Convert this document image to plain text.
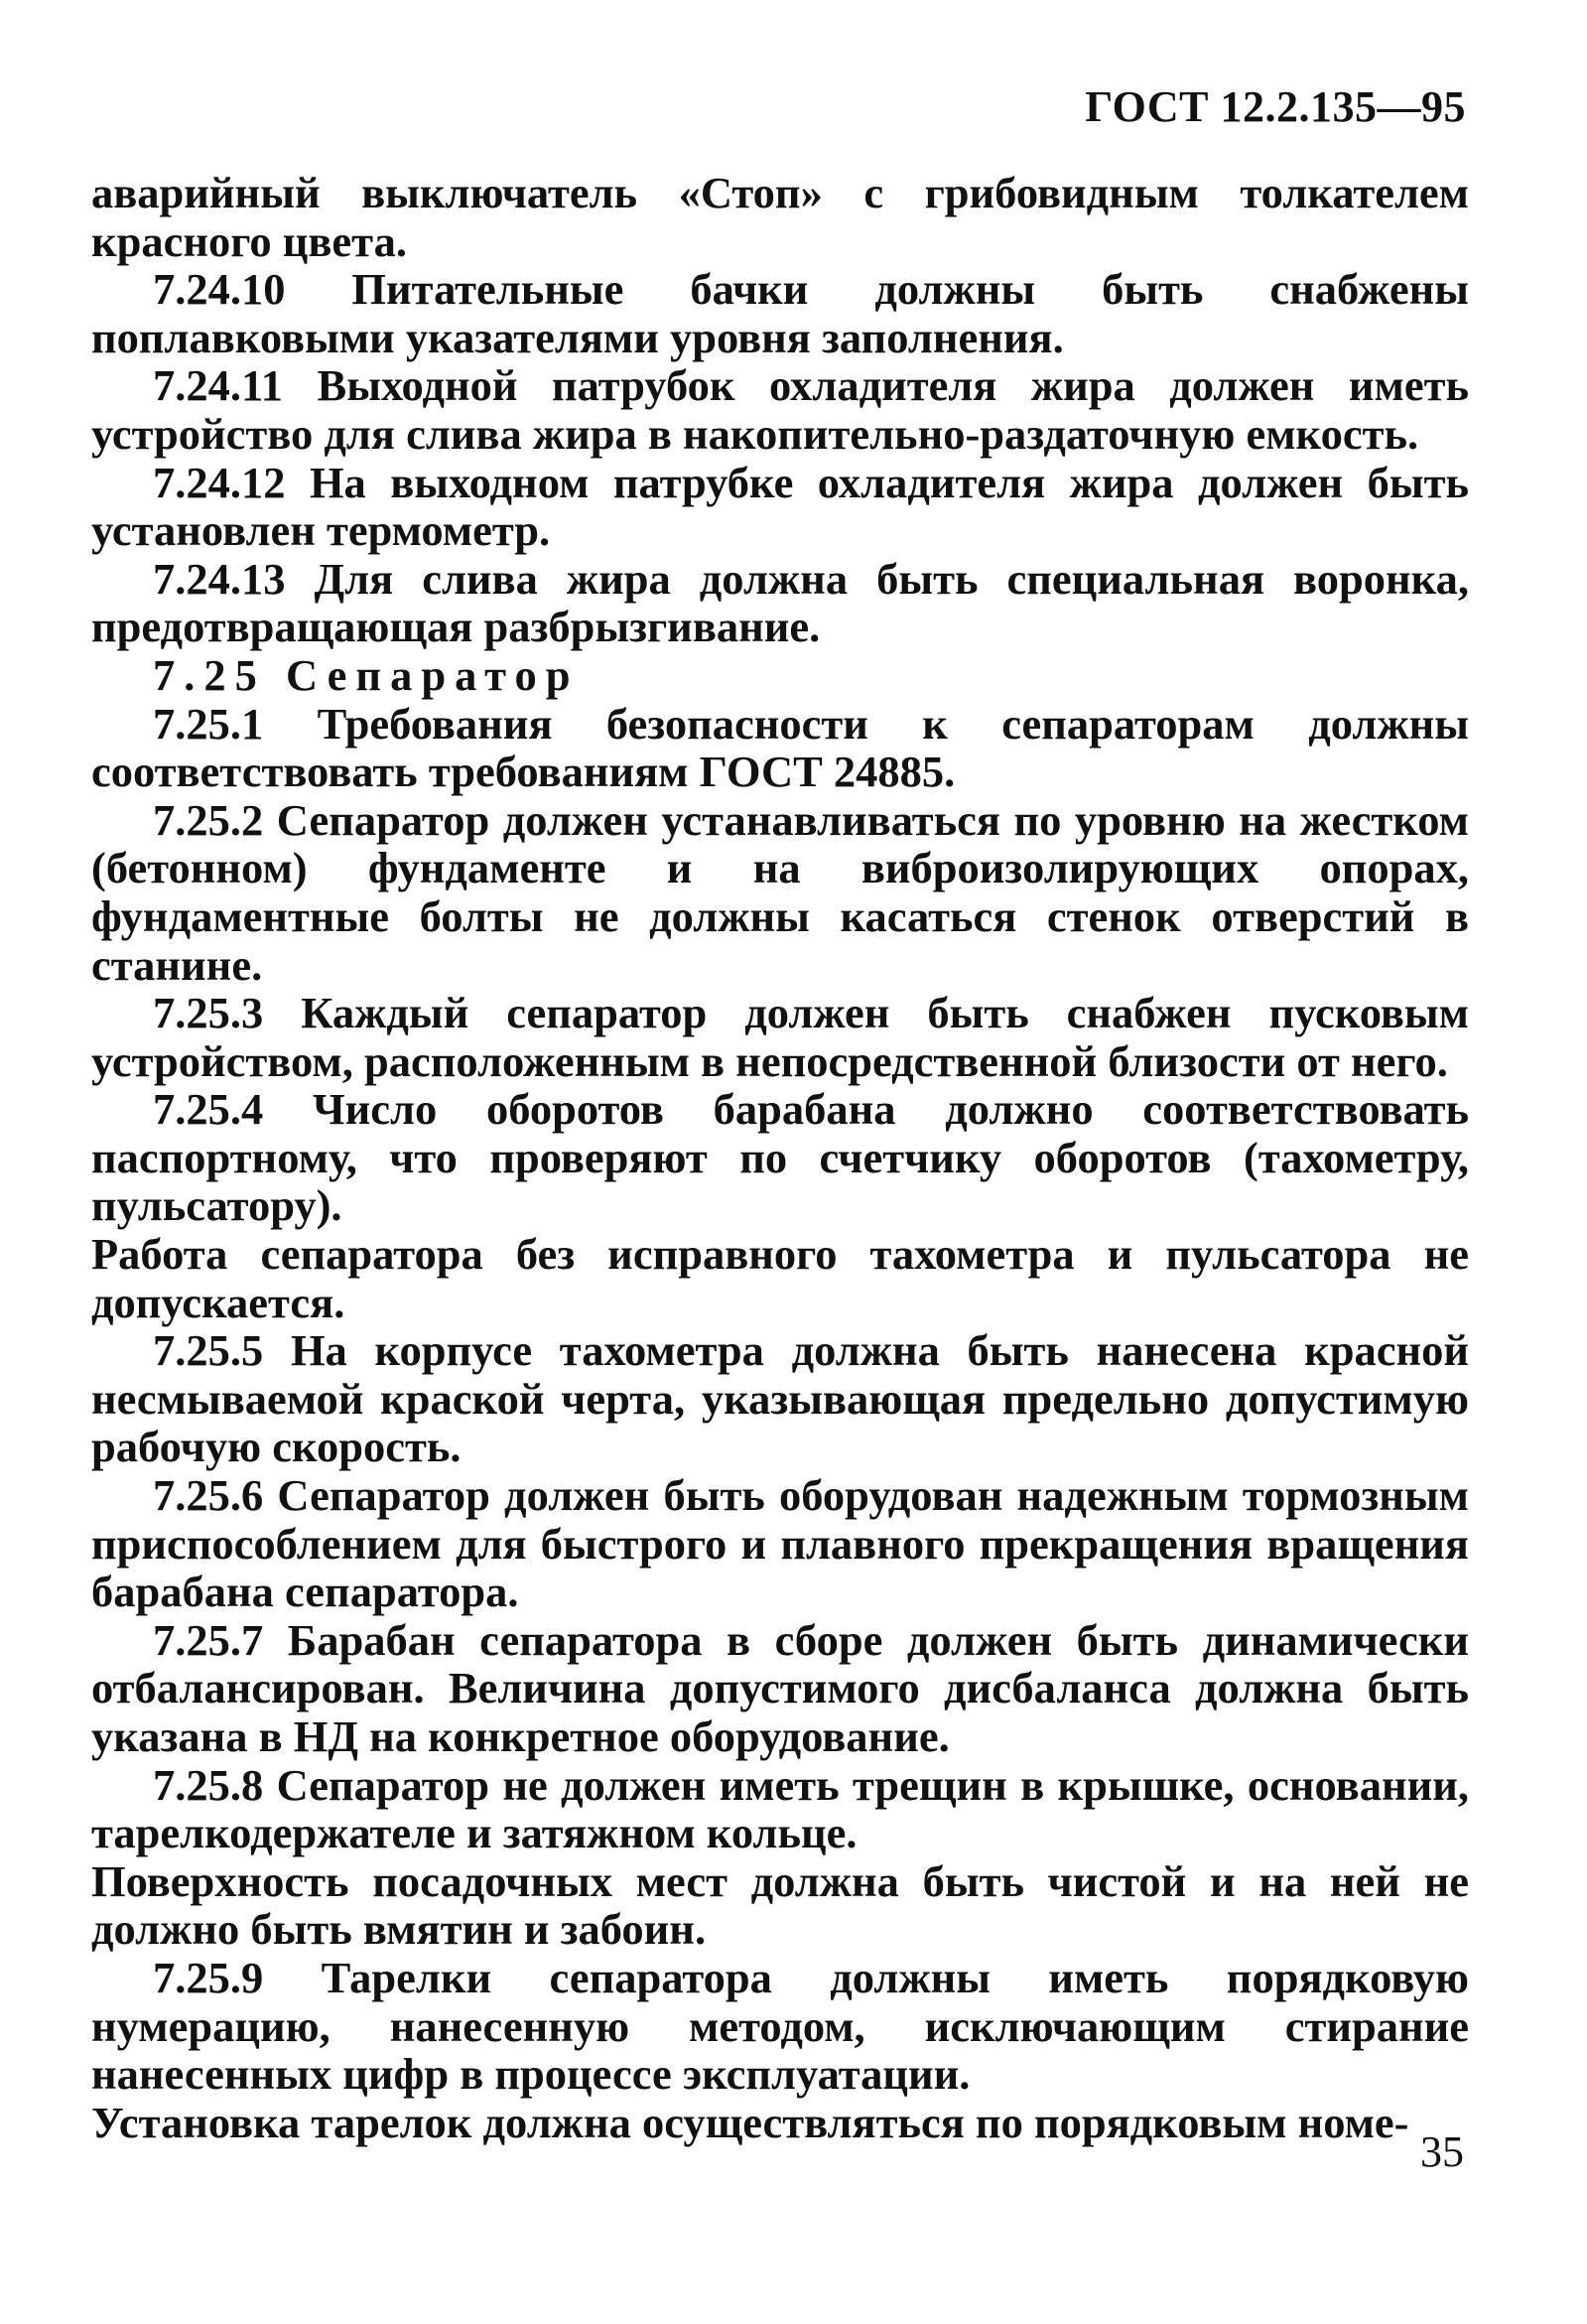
ГОСТ 12.2.135—95

аварийный выключатель «Стоп» с грибовидным толкателем красного цвета.

7.24.10 Питательные бачки должны быть снабжены поплавковыми указателями уровня заполнения.

7.24.11 Выходной патрубок охладителя жира должен иметь устройство для слива жира в накопительно-раздаточную емкость.

7.24.12 На выходном патрубке охладителя жира должен быть установлен термометр.

7.24.13 Для слива жира должна быть специальная воронка, предотвращающая разбрызгивание.

7.25 Сепаратор

7.25.1 Требования безопасности к сепараторам должны соответствовать требованиям ГОСТ 24885.

7.25.2 Сепаратор должен устанавливаться по уровню на жестком (бетонном) фундаменте и на виброизолирующих опорах, фундаментные болты не должны касаться стенок отверстий в станине.

7.25.3 Каждый сепаратор должен быть снабжен пусковым устройством, расположенным в непосредственной близости от него.

7.25.4 Число оборотов барабана должно соответствовать паспортному, что проверяют по счетчику оборотов (тахометру, пульсатору).

Работа сепаратора без исправного тахометра и пульсатора не допускается.

7.25.5 На корпусе тахометра должна быть нанесена красной несмываемой краской черта, указывающая предельно допустимую рабочую скорость.

7.25.6 Сепаратор должен быть оборудован надежным тормозным приспособлением для быстрого и плавного прекращения вращения барабана сепаратора.

7.25.7 Барабан сепаратора в сборе должен быть динамически отбалансирован. Величина допустимого дисбаланса должна быть указана в НД на конкретное оборудование.

7.25.8 Сепаратор не должен иметь трещин в крышке, основании, тарелкодержателе и затяжном кольце.

Поверхность посадочных мест должна быть чистой и на ней не должно быть вмятин и забоин.

7.25.9 Тарелки сепаратора должны иметь порядковую нумерацию, нанесенную методом, исключающим стирание нанесенных цифр в процессе эксплуатации.

Установка тарелок должна осуществляться по порядковым номе-

35
